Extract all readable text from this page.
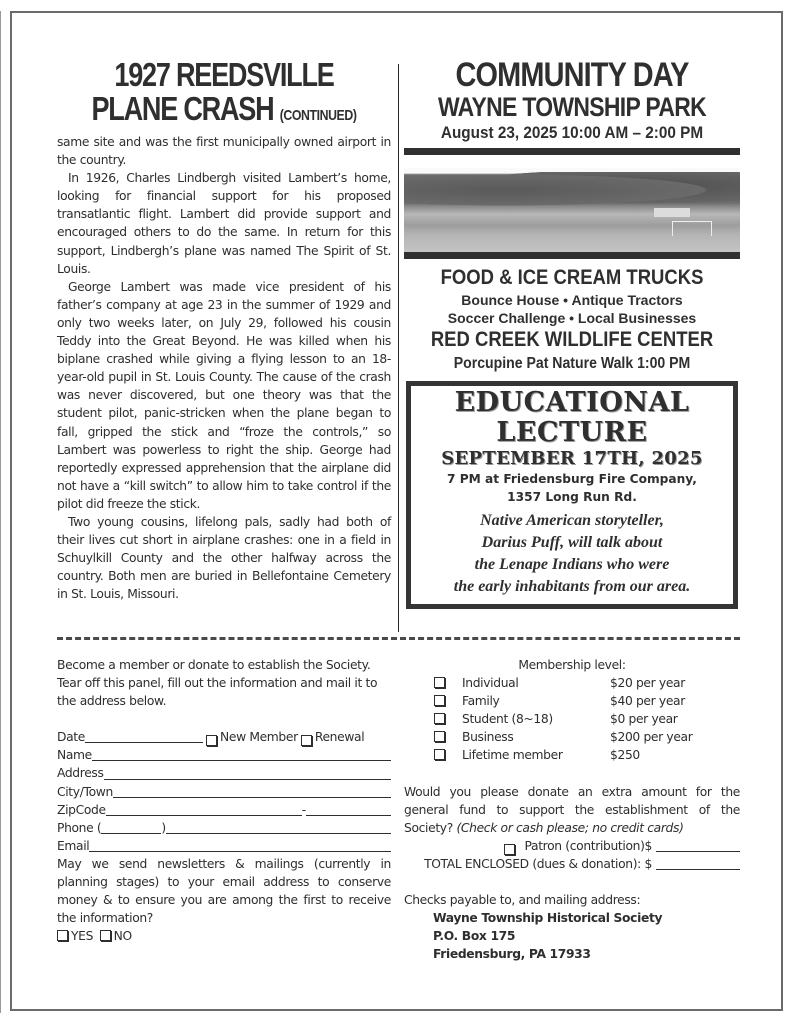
1927 REEDSVILLE
PLANE CRASH (CONTINUED)

same site and was the first municipally owned airport in the country.

In 1926, Charles Lindbergh visited Lambert’s home, looking for financial support for his proposed transatlantic flight. Lambert did provide support and encouraged others to do the same. In return for this support, Lindbergh’s plane was named The Spirit of St. Louis.

George Lambert was made vice president of his father’s company at age 23 in the summer of 1929 and only two weeks later, on July 29, followed his cousin Teddy into the Great Beyond. He was killed when his biplane crashed while giving a flying lesson to an 18-year-old pupil in St. Louis County. The cause of the crash was never discovered, but one theory was that the student pilot, panic-stricken when the plane began to fall, gripped the stick and “froze the controls,” so Lambert was powerless to right the ship. George had reportedly expressed apprehension that the airplane did not have a “kill switch” to allow him to take control if the pilot did freeze the stick.

Two young cousins, lifelong pals, sadly had both of their lives cut short in airplane crashes: one in a field in Schuylkill County and the other halfway across the country. Both men are buried in Bellefontaine Cemetery in St. Louis, Missouri.

COMMUNITY DAY
WAYNE TOWNSHIP PARK
August 23, 2025 10:00 AM – 2:00 PM
FOOD & ICE CREAM TRUCKS
Bounce House • Antique Tractors
Soccer Challenge • Local Businesses
RED CREEK WILDLIFE CENTER
Porcupine Pat Nature Walk 1:00 PM
EDUCATIONAL
LECTURE
SEPTEMBER 17TH, 2025
7 PM at Friedensburg Fire Company,
1357 Long Run Rd.
Native American storyteller,
Darius Puff, will talk about
the Lenape Indians who were
the early inhabitants from our area.

Become a member or donate to establish the Society. Tear off this panel, fill out the information and mail it to the address below.

Date	New Member Renewal
Name
Address
City/Town
ZipCode	-
Phone (	)
Email

May we send newsletters & mailings (currently in planning stages) to your email address to conserve money & to ensure you are among the first to receive the information?

YES NO
Membership level:
Individual	$20 per year
Family	$40 per year
Student (8~18)	$0 per year
Business	$200 per year
Lifetime member	$250

Would you please donate an extra amount for the general fund to support the establishment of the Society? (Check or cash please; no credit cards)

Patron (contribution)$
TOTAL ENCLOSED (dues & donation): $
Checks payable to, and mailing address:
Wayne Township Historical Society
P.O. Box 175
Friedensburg, PA 17933
